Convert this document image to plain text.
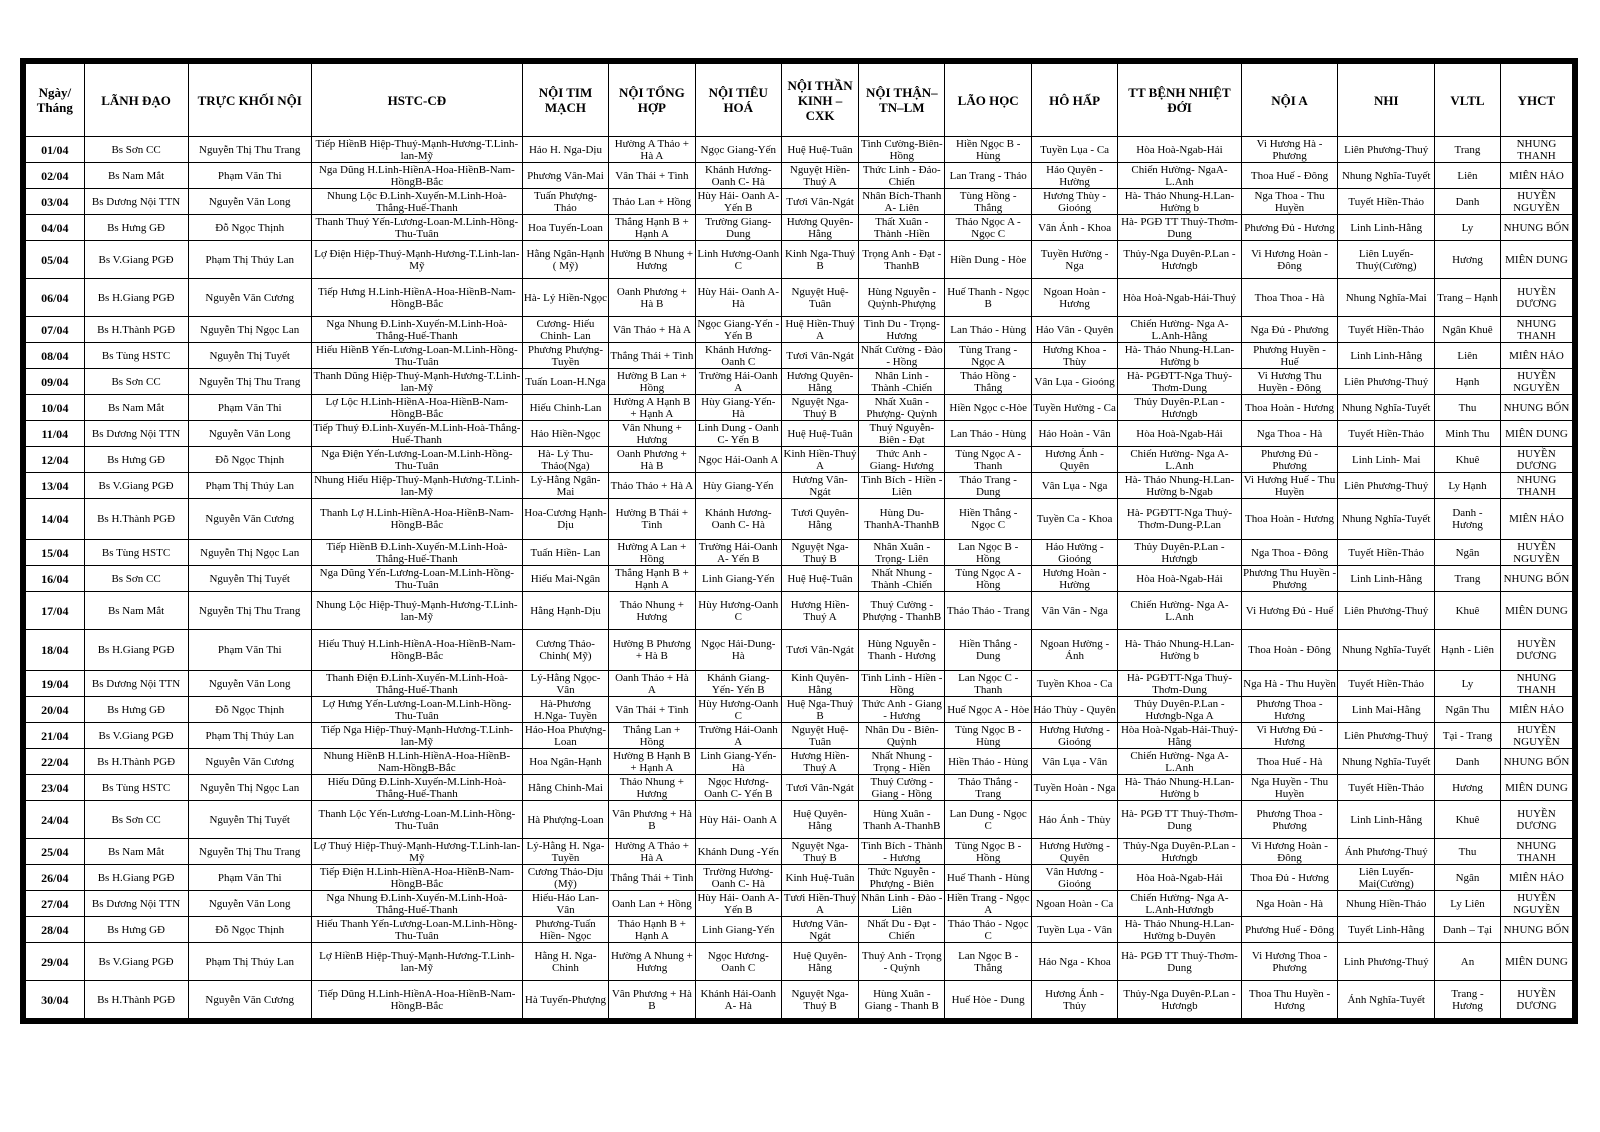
Ngày/ Tháng	LÃNH ĐẠO	TRỰC KHỐI NỘI	HSTC-CĐ	NỘI TIM MẠCH	NỘI TỔNG HỢP	NỘI TIÊU HOÁ	NỘI THẦN KINH – CXK	NỘI THẬN–TN–LM	LÃO HỌC	HÔ HẤP	TT BỆNH NHIỆT ĐỚI	NỘI A	NHI	VLTL	YHCT
01/04	Bs Sơn CC	Nguyễn Thị Thu Trang	Tiếp HiềnB Hiệp-Thuý-Mạnh-Hương-T.Linh-lan-Mỹ	Hảo H. Nga-Dịu	Hường A Thảo + Hà A	Ngọc Giang-Yến	Huệ Huệ-Tuân	Tình Cường-Biên- Hồng	Hiền Ngọc B - Hùng	Tuyền Lụa - Ca	Hòa Hoà-Ngab-Hải	Vi Hương Hà - Phương	Liên Phương-Thuý	Trang	NHUNG THANH
02/04	Bs Nam Mắt	Phạm Văn Thi	Nga Dũng H.Linh-HiềnA-Hoa-HiềnB-Nam-HồngB-Bắc	Phương Vân-Mai	Vân Thái + Tình	Khánh Hương-Oanh C- Hà	Nguyệt Hiền-Thuý A	Thức Linh - Đảo- Chiến	Lan Trang - Thảo	Hảo Quyên - Hường	Chiến Hường- NgaA-L.Anh	Thoa Huế - Đông	Nhung Nghĩa-Tuyết	Liên	MIÊN HẢO
03/04	Bs Dương Nội TTN	Nguyễn Văn Long	Nhung Lộc Đ.Linh-Xuyến-M.Linh-Hoà-Thắng-Huế-Thanh	Tuấn Phượng-Thảo	Thảo Lan + Hồng	Hùy Hải- Oanh A- Yến B	Tươi Vân-Ngát	Nhân Bích-Thanh A- Liên	Tùng Hồng - Thắng	Hương Thùy - Gioóng	Hà- Thảo Nhung-H.Lan-Hường b	Nga Thoa - Thu Huyền	Tuyết Hiền-Thảo	Danh	HUYỀN NGUYỀN
04/04	Bs Hưng GĐ	Đỗ Ngọc Thịnh	Thanh Thuý Yến-Lương-Loan-M.Linh-Hồng-Thu-Tuân	Hoa Tuyến-Loan	Thắng Hạnh B + Hạnh A	Trường Giang-Dung	Hương Quyên- Hằng	Thất Xuân - Thành -Hiền	Thảo Ngọc A - Ngọc C	Vân Ánh - Khoa	Hà- PGĐ TT Thuỷ-Thơm-Dung	Phương Đủ - Hương	Linh Linh-Hằng	Ly	NHUNG BỐN
05/04	Bs V.Giang PGĐ	Phạm Thị Thúy Lan	Lợ Điện Hiệp-Thuý-Mạnh-Hương-T.Linh-lan-Mỹ	Hằng Ngân-Hạnh ( Mỹ)	Hường B Nhung + Hương	Linh Hương-Oanh C	Kinh Nga-Thuý B	Trọng Anh - Đạt - ThanhB	Hiền Dung - Hòe	Tuyền Hường - Nga	Thủy-Nga Duyên-P.Lan - Hươngb	Vi Hương Hoàn - Đông	Liên Luyến-Thuý(Cường)	Hương	MIÊN DUNG
06/04	Bs H.Giang PGĐ	Nguyễn Văn Cương	Tiếp Hưng H.Linh-HiềnA-Hoa-HiềnB-Nam-HồngB-Bắc	Hà- Lý Hiền-Ngọc	Oanh Phương + Hà B	Hùy Hải- Oanh A- Hà	Nguyệt Huệ-Tuân	Hùng Nguyễn - Quỳnh-Phượng	Huế Thanh - Ngọc B	Ngoan Hoàn - Hương	Hòa Hoà-Ngab-Hải-Thuý	Thoa Thoa - Hà	Nhung Nghĩa-Mai	Trang – Hạnh	HUYỀN DƯƠNG
07/04	Bs H.Thành PGĐ	Nguyễn Thị Ngọc Lan	Nga Nhung Đ.Linh-Xuyến-M.Linh-Hoà-Thắng-Huế-Thanh	Cương- Hiếu Chinh- Lan	Vân Thảo + Hà A	Ngọc Giang-Yến -Yến B	Huệ Hiền-Thuý A	Tình Du - Trọng- Hương	Lan Thảo - Hùng	Hảo Vân - Quyên	Chiến Hường- Nga A-L.Anh-Hằng	Nga Đủ - Phương	Tuyết Hiền-Thảo	Ngân Khuê	NHUNG THANH
08/04	Bs Tùng HSTC	Nguyễn Thị Tuyết	Hiếu HiềnB Yến-Lương-Loan-M.Linh-Hồng-Thu-Tuân	Phương Phượng- Tuyền	Thắng Thái + Tình	Khánh Hương-Oanh C	Tươi Vân-Ngát	Nhất Cường - Đào - Hồng	Tùng Trang - Ngọc A	Hương Khoa - Thùy	Hà- Thảo Nhung-H.Lan-Hường b	Phương Huyền - Huế	Linh Linh-Hằng	Liên	MIÊN HẢO
09/04	Bs Sơn CC	Nguyễn Thị Thu Trang	Thanh Dũng Hiệp-Thuý-Mạnh-Hương-T.Linh-lan-Mỹ	Tuấn Loan-H.Nga	Hường B Lan + Hồng	Trường Hải-Oanh A	Hương Quyên- Hằng	Nhân Linh - Thành -Chiến	Thảo Hồng - Thắng	Vân Lụa - Gioóng	Hà- PGĐTT-Nga Thuỷ-Thơm-Dung	Vi Hương Thu Huyền - Đông	Liên Phương-Thuý	Hạnh	HUYỀN NGUYỀN
10/04	Bs Nam Mắt	Phạm Văn Thi	Lợ Lộc H.Linh-HiềnA-Hoa-HiềnB-Nam-HồngB-Bắc	Hiếu Chinh-Lan	Hường A Hạnh B + Hạnh A	Hùy Giang-Yến- Hà	Nguyệt Nga-Thuý B	Nhất Xuân - Phượng- Quỳnh	Hiền Ngọc c-Hòe	Tuyền Hường - Ca	Thủy Duyên-P.Lan - Hươngb	Thoa Hoàn - Hương	Nhung Nghĩa-Tuyết	Thu	NHUNG BỐN
11/04	Bs Dương Nội TTN	Nguyễn Văn Long	Tiếp Thuý Đ.Linh-Xuyến-M.Linh-Hoà-Thắng-Huế-Thanh	Hảo Hiền-Ngọc	Vân Nhung + Hương	Linh Dung - Oanh C- Yến B	Huệ Huệ-Tuân	Thuý Nguyễn-Biên - Đạt	Lan Thảo - Hùng	Hảo Hoàn - Vân	Hòa Hoà-Ngab-Hải	Nga Thoa - Hà	Tuyết Hiền-Thảo	Minh Thu	MIÊN DUNG
12/04	Bs Hưng GĐ	Đỗ Ngọc Thịnh	Nga Điện Yến-Lương-Loan-M.Linh-Hồng-Thu-Tuân	Hà- Lý Thu-Thảo(Nga)	Oanh Phương + Hà B	Ngọc Hải-Oanh A	Kinh Hiền-Thuý A	Thức Anh - Giang- Hương	Tùng Ngọc A - Thanh	Hương Ánh - Quyên	Chiến Hường- Nga A-L.Anh	Phương Đủ - Phương	Linh Linh- Mai	Khuê	HUYỀN DƯƠNG
13/04	Bs V.Giang PGĐ	Phạm Thị Thúy Lan	Nhung Hiếu Hiệp-Thuý-Mạnh-Hương-T.Linh-lan-Mỹ	Lý-Hằng Ngân-Mai	Thảo Thảo + Hà A	Hùy Giang-Yến	Hương Vân-Ngát	Tình Bích - Hiền - Liên	Thảo Trang - Dung	Vân Lụa - Nga	Hà- Thảo Nhung-H.Lan-Hường b-Ngab	Vi Hương Huế - Thu Huyền	Liên Phương-Thuý	Ly Hạnh	NHUNG THANH
14/04	Bs H.Thành PGĐ	Nguyễn Văn Cương	Thanh Lợ H.Linh-HiềnA-Hoa-HiềnB-Nam-HồngB-Bắc	Hoa-Cương Hạnh- Dịu	Hường B Thái + Tình	Khánh Hương-Oanh C- Hà	Tươi Quyên-Hằng	Hùng Du-ThanhA-ThanhB	Hiền Thắng - Ngọc C	Tuyền Ca - Khoa	Hà- PGĐTT-Nga Thuỷ-Thơm-Dung-P.Lan	Thoa Hoàn - Hương	Nhung Nghĩa-Tuyết	Danh - Hương	MIÊN HẢO
15/04	Bs Tùng HSTC	Nguyễn Thị Ngọc Lan	Tiếp HiềnB Đ.Linh-Xuyến-M.Linh-Hoà-Thắng-Huế-Thanh	Tuấn Hiền- Lan	Hường A Lan + Hồng	Trường Hải-Oanh A- Yến B	Nguyệt Nga-Thuý B	Nhân Xuân - Trọng- Liên	Lan Ngọc B - Hồng	Hảo Hường - Gioóng	Thủy Duyên-P.Lan - Hươngb	Nga Thoa - Đông	Tuyết Hiền-Thảo	Ngân	HUYỀN NGUYỀN
16/04	Bs Sơn CC	Nguyễn Thị Tuyết	Nga Dũng Yến-Lương-Loan-M.Linh-Hồng-Thu-Tuân	Hiếu Mai-Ngân	Thắng Hạnh B + Hạnh A	Linh Giang-Yến	Huệ Huệ-Tuân	Nhất Nhung - Thành -Chiến	Tùng Ngọc A - Hồng	Hương Hoàn - Hường	Hòa Hoà-Ngab-Hải	Phương Thu Huyền - Phương	Linh Linh-Hằng	Trang	NHUNG BỐN
17/04	Bs Nam Mắt	Nguyễn Thị Thu Trang	Nhung Lộc Hiệp-Thuý-Mạnh-Hương-T.Linh-lan-Mỹ	Hằng Hạnh-Dịu	Thảo Nhung + Hương	Hùy Hương-Oanh C	Hương Hiền-Thuý A	Thuý Cường - Phượng - ThanhB	Thảo Thảo - Trang	Vân Vân - Nga	Chiến Hường- Nga A-L.Anh	Vi Hương Đủ - Huế	Liên Phương-Thuý	Khuê	MIÊN DUNG
18/04	Bs H.Giang PGĐ	Phạm Văn Thi	Hiếu Thuý H.Linh-HiềnA-Hoa-HiềnB-Nam-HồngB-Bắc	Cương Thảo-Chinh( Mỹ)	Hường B Phương + Hà B	Ngọc Hải-Dung- Hà	Tươi Vân-Ngát	Hùng Nguyễn - Thanh - Hương	Hiền Thắng - Dung	Ngoan Hường - Ánh	Hà- Thảo Nhung-H.Lan-Hường b	Thoa Hoàn - Đông	Nhung Nghĩa-Tuyết	Hạnh - Liên	HUYỀN DƯƠNG
19/04	Bs Dương Nội TTN	Nguyễn Văn Long	Thanh Điện Đ.Linh-Xuyến-M.Linh-Hoà-Thắng-Huế-Thanh	Lý-Hằng Ngọc-Vân	Oanh Thảo + Hà A	Khánh Giang-Yến- Yến B	Kinh Quyên-Hằng	Tình Linh - Hiền - Hồng	Lan Ngọc C - Thanh	Tuyền Khoa - Ca	Hà- PGĐTT-Nga Thuỷ-Thơm-Dung	Nga Hà - Thu Huyền	Tuyết Hiền-Thảo	Ly	NHUNG THANH
20/04	Bs Hưng GĐ	Đỗ Ngọc Thịnh	Lợ Hưng Yến-Lương-Loan-M.Linh-Hồng-Thu-Tuân	Hà-Phương H.Nga- Tuyền	Vân Thái + Tình	Hùy Hương-Oanh C	Huệ Nga-Thuý B	Thức Anh - Giang - Hương	Huế Ngọc A - Hòe	Hảo Thùy - Quyên	Thủy Duyên-P.Lan - Hươngb-Nga A	Phương Thoa - Hương	Linh Mai-Hằng	Ngân Thu	MIÊN HẢO
21/04	Bs V.Giang PGĐ	Phạm Thị Thúy Lan	Tiếp Nga Hiệp-Thuý-Mạnh-Hương-T.Linh-lan-Mỹ	Hảo-Hoa Phượng- Loan	Thắng Lan + Hồng	Trường Hải-Oanh A	Nguyệt Huệ-Tuân	Nhân Du - Biên- Quỳnh	Tùng Ngọc B - Hùng	Hương Hương - Gioóng	Hòa Hoà-Ngab-Hải-Thuý-Hằng	Vi Hương Đủ - Hương	Liên Phương-Thuý	Tại - Trang	HUYỀN NGUYỀN
22/04	Bs H.Thành PGĐ	Nguyễn Văn Cương	Nhung HiềnB H.Linh-HiềnA-Hoa-HiềnB-Nam-HồngB-Bắc	Hoa Ngân-Hạnh	Hường B Hạnh B + Hạnh A	Linh Giang-Yến- Hà	Hương Hiền-Thuý A	Nhất Nhung - Trọng - Hiền	Hiền Thảo - Hùng	Vân Lụa - Vân	Chiến Hường- Nga A-L.Anh	Thoa Huế - Hà	Nhung Nghĩa-Tuyết	Danh	NHUNG BỐN
23/04	Bs Tùng HSTC	Nguyễn Thị Ngọc Lan	Hiếu Dũng Đ.Linh-Xuyến-M.Linh-Hoà-Thắng-Huế-Thanh	Hằng Chinh-Mai	Thảo Nhung + Hương	Ngọc Hương-Oanh C- Yến B	Tươi Vân-Ngát	Thuý Cường - Giang - Hồng	Thảo Thắng - Trang	Tuyền Hoàn - Nga	Hà- Thảo Nhung-H.Lan-Hường b	Nga Huyền - Thu Huyền	Tuyết Hiền-Thảo	Hương	MIÊN DUNG
24/04	Bs Sơn CC	Nguyễn Thị Tuyết	Thanh Lộc Yến-Lương-Loan-M.Linh-Hồng-Thu-Tuân	Hà Phượng-Loan	Vân Phương + Hà B	Hùy Hải- Oanh A	Huệ Quyên-Hằng	Hùng Xuân - Thanh A-ThanhB	Lan Dung - Ngọc C	Hảo Ánh - Thùy	Hà- PGĐ TT Thuỷ-Thơm-Dung	Phương Thoa - Phương	Linh Linh-Hằng	Khuê	HUYỀN DƯƠNG
25/04	Bs Nam Mắt	Nguyễn Thị Thu Trang	Lợ Thuý Hiệp-Thuý-Mạnh-Hương-T.Linh-lan-Mỹ	Lý-Hằng H. Nga- Tuyền	Hường A Thảo + Hà A	Khánh Dung -Yến	Nguyệt Nga-Thuý B	Tình Bích - Thành - Hương	Tùng Ngọc B - Hồng	Hương Hường - Quyên	Thủy-Nga Duyên-P.Lan - Hươngb	Vi Hương Hoàn - Đông	Ánh Phương-Thuý	Thu	NHUNG THANH
26/04	Bs H.Giang PGĐ	Phạm Văn Thi	Tiếp Điện H.Linh-HiềnA-Hoa-HiềnB-Nam-HồngB-Bắc	Cương Thảo-Dịu (Mỹ)	Thắng Thái + Tình	Trường Hương-Oanh C- Hà	Kinh Huệ-Tuân	Thức Nguyễn - Phượng - Biên	Huế Thanh - Hùng	Vân Hương - Gioóng	Hòa Hoà-Ngab-Hải	Thoa Đủ - Hương	Liên Luyến-Mai(Cường)	Ngân	MIÊN HẢO
27/04	Bs Dương Nội TTN	Nguyễn Văn Long	Nga Nhung Đ.Linh-Xuyến-M.Linh-Hoà-Thắng-Huế-Thanh	Hiếu-Hảo Lan-Vân	Oanh Lan + Hồng	Hùy Hải- Oanh A- Yến B	Tươi Hiền-Thuý A	Nhân Linh - Đào - Liên	Hiền Trang - Ngọc A	Ngoan Hoàn - Ca	Chiến Hường- Nga A-L.Anh-Hươngb	Nga Hoàn - Hà	Nhung Hiền-Thảo	Ly Liên	HUYỀN NGUYỀN
28/04	Bs Hưng GĐ	Đỗ Ngọc Thịnh	Hiếu Thanh Yến-Lương-Loan-M.Linh-Hồng-Thu-Tuân	Phương-Tuấn Hiền- Ngọc	Thảo Hạnh B + Hạnh A	Linh Giang-Yến	Hương Vân-Ngát	Nhất Du - Đạt - Chiến	Thảo Thảo - Ngọc C	Tuyền Lụa - Vân	Hà- Thảo Nhung-H.Lan-Hường b-Duyên	Phương Huế - Đông	Tuyết Linh-Hằng	Danh – Tại	NHUNG BỐN
29/04	Bs V.Giang PGĐ	Phạm Thị Thúy Lan	Lợ HiềnB Hiệp-Thuý-Mạnh-Hương-T.Linh-lan-Mỹ	Hằng H. Nga-Chinh	Hường A Nhung + Hương	Ngọc Hương-Oanh C	Huệ Quyên-Hằng	Thuý Anh - Trọng - Quỳnh	Lan Ngọc B - Thắng	Hảo Nga - Khoa	Hà- PGĐ TT Thuỷ-Thơm-Dung	Vi Hương Thoa - Phương	Linh Phương-Thuý	An	MIÊN DUNG
30/04	Bs H.Thành PGĐ	Nguyễn Văn Cương	Tiếp Dũng H.Linh-HiềnA-Hoa-HiềnB-Nam-HồngB-Bắc	Hà Tuyến-Phượng	Vân Phương + Hà B	Khánh Hải-Oanh A- Hà	Nguyệt Nga-Thuý B	Hùng Xuân - Giang - Thanh B	Huế Hòe - Dung	Hương Ánh - Thủy	Thủy-Nga Duyên-P.Lan - Hươngb	Thoa Thu Huyền - Hương	Ánh Nghĩa-Tuyết	Trang - Hương	HUYỀN DƯƠNG
